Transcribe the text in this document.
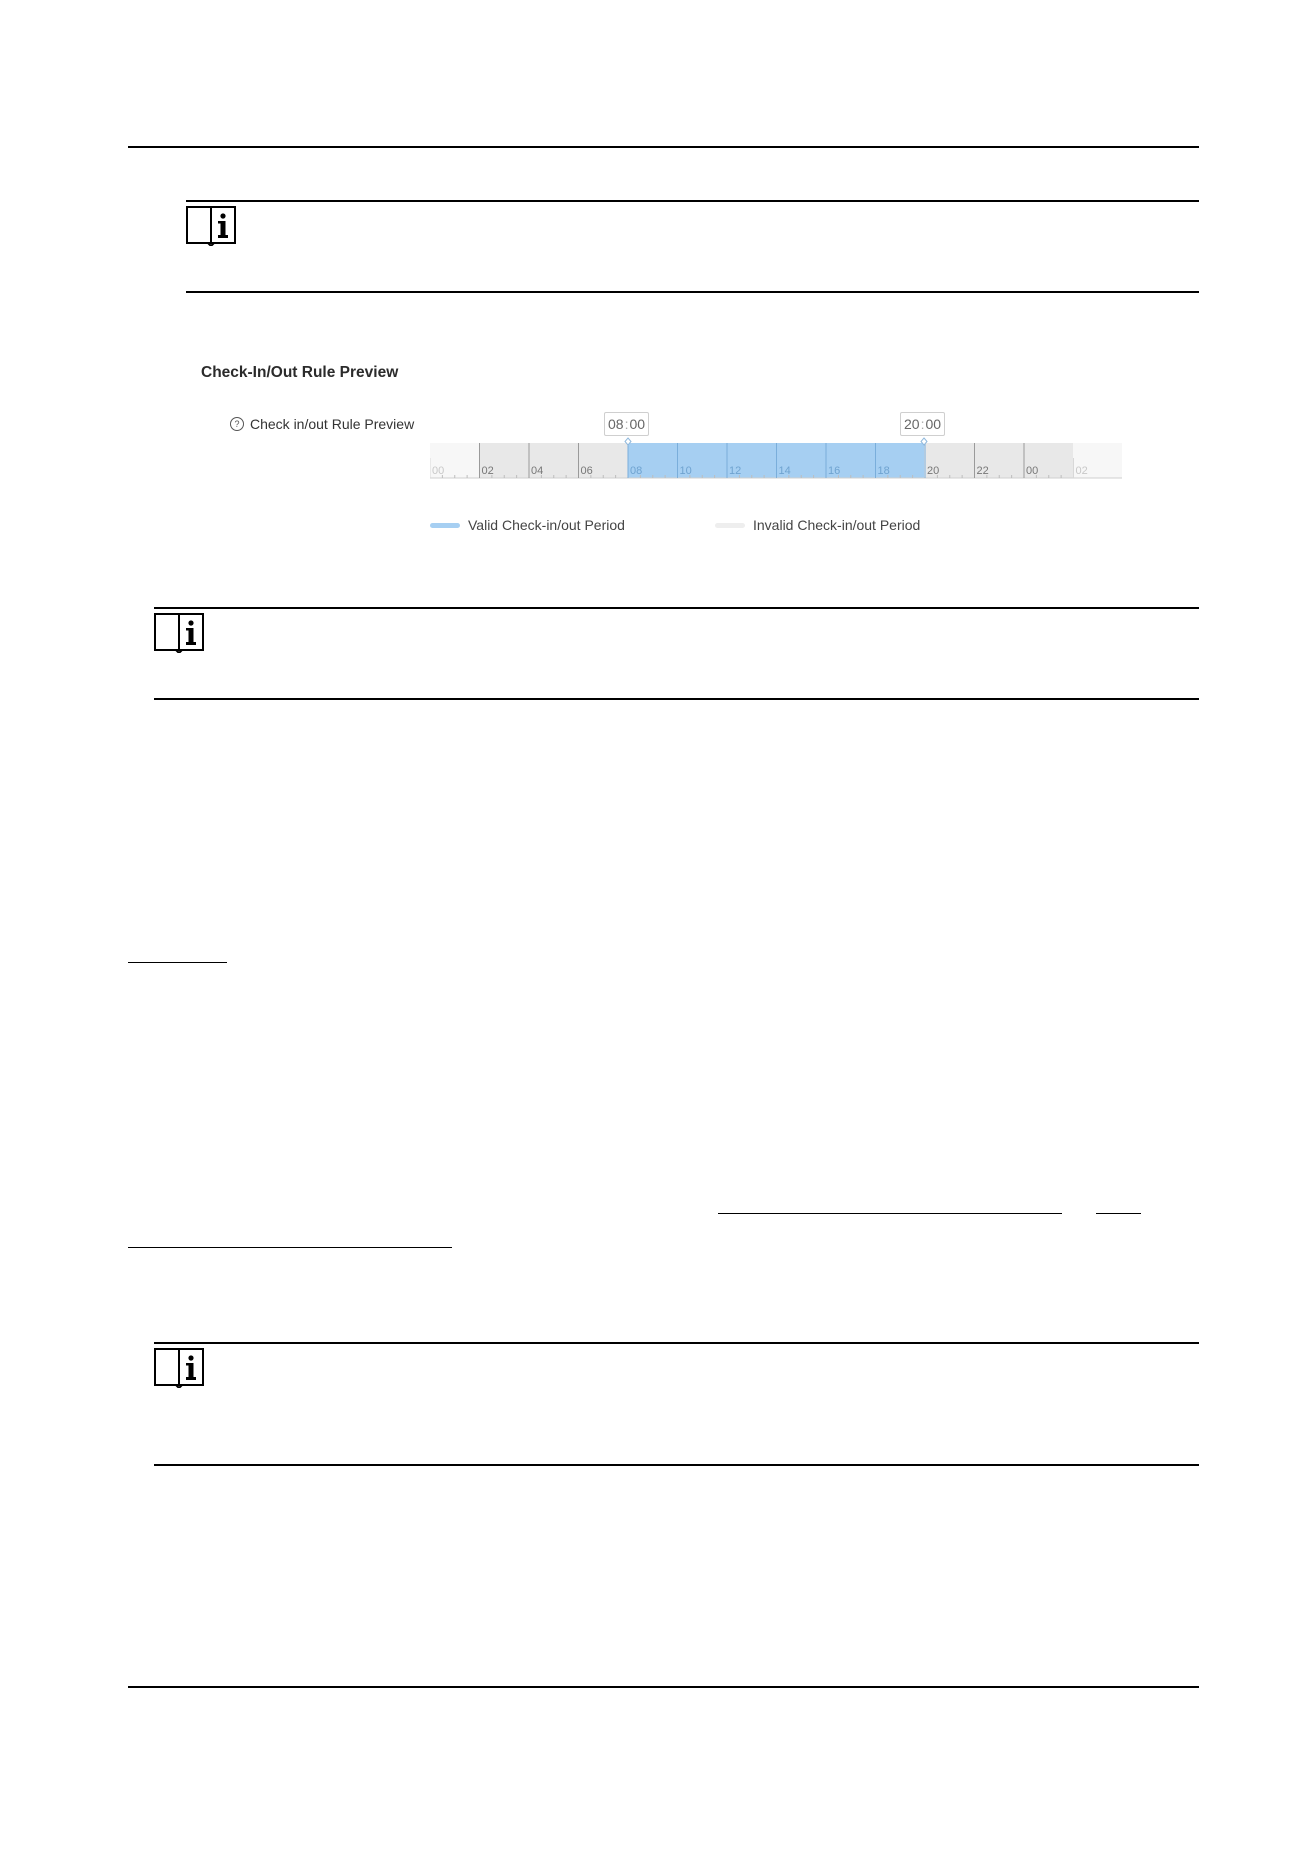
Check-In/Out Rule Preview
? Check in/out Rule Preview	08 : 00	20 : 00
00	02	04	06	08	10	12	14	16	18	20	22	00	02
Valid Check-in/out Period	Invalid Check-in/out Period
